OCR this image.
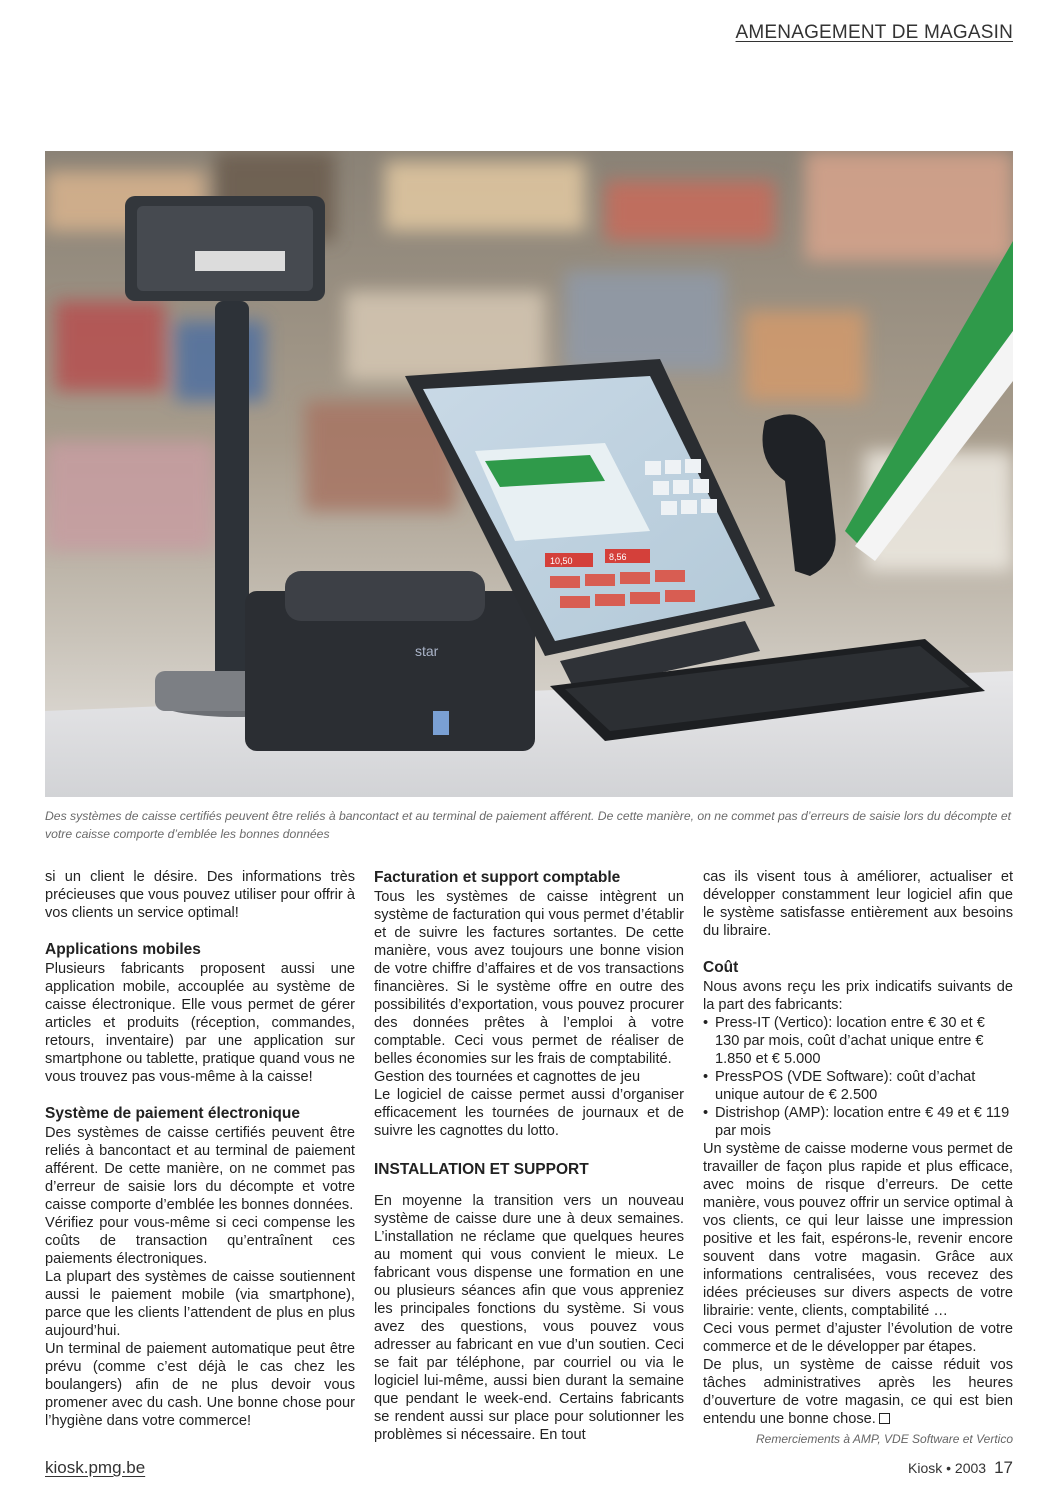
AMENAGEMENT DE MAGASIN
star
10,50	8,56
Des systèmes de caisse certifiés peuvent être reliés à bancontact et au terminal de paiement afférent. De cette manière, on ne commet pas d’erreurs de saisie lors du décompte et votre caisse comporte d’emblée les bonnes données

si un client le désire. Des informations très précieuses que vous pouvez utiliser pour offrir à vos clients un service optimal!

Applications mobiles

Plusieurs fabricants proposent aussi une application mobile, accouplée au système de caisse électronique. Elle vous permet de gérer articles et produits (réception, commandes, retours, inventaire) par une application sur smartphone ou tablette, pratique quand vous ne vous trouvez pas vous-même à la caisse!

Système de paiement électronique

Des systèmes de caisse certifiés peuvent être reliés à bancontact et au terminal de paiement afférent. De cette manière, on ne commet pas d’erreur de saisie lors du décompte et votre caisse comporte d’emblée les bonnes données.

Vérifiez pour vous-même si ceci compense les coûts de transaction qu’entraînent ces paiements électroniques.

La plupart des systèmes de caisse soutiennent aussi le paiement mobile (via smartphone), parce que les clients l’attendent de plus en plus aujourd’hui.

Un terminal de paiement automatique peut être prévu (comme c’est déjà le cas chez les boulangers) afin de ne plus devoir vous promener avec du cash. Une bonne chose pour l’hygiène dans votre commerce!

Facturation et support comptable

Tous les systèmes de caisse intègrent un système de facturation qui vous permet d’établir et de suivre les factures sortantes. De cette manière, vous avez toujours une bonne vision de votre chiffre d’affaires et de vos transactions financières. Si le système offre en outre des possibilités d’exportation, vous pouvez procurer des données prêtes à l’emploi à votre comptable. Ceci vous permet de réaliser de belles économies sur les frais de comptabilité.

Gestion des tournées et cagnottes de jeu

Le logiciel de caisse permet aussi d’organiser efficacement les tournées de journaux et de suivre les cagnottes du lotto.

INSTALLATION ET SUPPORT

En moyenne la transition vers un nouveau système de caisse dure une à deux semaines. L’installation ne réclame que quelques heures au moment qui vous convient le mieux. Le fabricant vous dispense une formation en une ou plusieurs séances afin que vous appreniez les principales fonctions du système. Si vous avez des questions, vous pouvez vous adresser au fabricant en vue d’un soutien. Ceci se fait par téléphone, par courriel ou via le logiciel lui-même, aussi bien durant la semaine que pendant le week-end. Certains fabricants se rendent aussi sur place pour solutionner les problèmes si nécessaire. En tout

cas ils visent tous à améliorer, actualiser et développer constamment leur logiciel afin que le système satisfasse entièrement aux besoins du libraire.

Coût

Nous avons reçu les prix indicatifs suivants de la part des fabricants:

• Press-IT (Vertico): location entre € 30 et € 130 par mois, coût d’achat unique entre € 1.850 et € 5.000
• PressPOS (VDE Software): coût d’achat unique autour de € 2.500
• Distrishop (AMP): location entre € 49 et € 119 par mois

Un système de caisse moderne vous permet de travailler de façon plus rapide et plus efficace, avec moins de risque d’erreurs. De cette manière, vous pouvez offrir un service optimal à vos clients, ce qui leur laisse une impression positive et les fait, espérons-le, revenir encore souvent dans votre magasin. Grâce aux informations centralisées, vous recevez des idées précieuses sur divers aspects de votre librairie: vente, clients, comptabilité …

Ceci vous permet d’ajuster l’évolution de votre commerce et de le développer par étapes.

De plus, un système de caisse réduit vos tâches administratives après les heures d’ouverture de votre magasin, ce qui est bien entendu une bonne chose.

Remerciements à AMP, VDE Software et Vertico
kiosk.pmg.be	Kiosk • 2003 17
